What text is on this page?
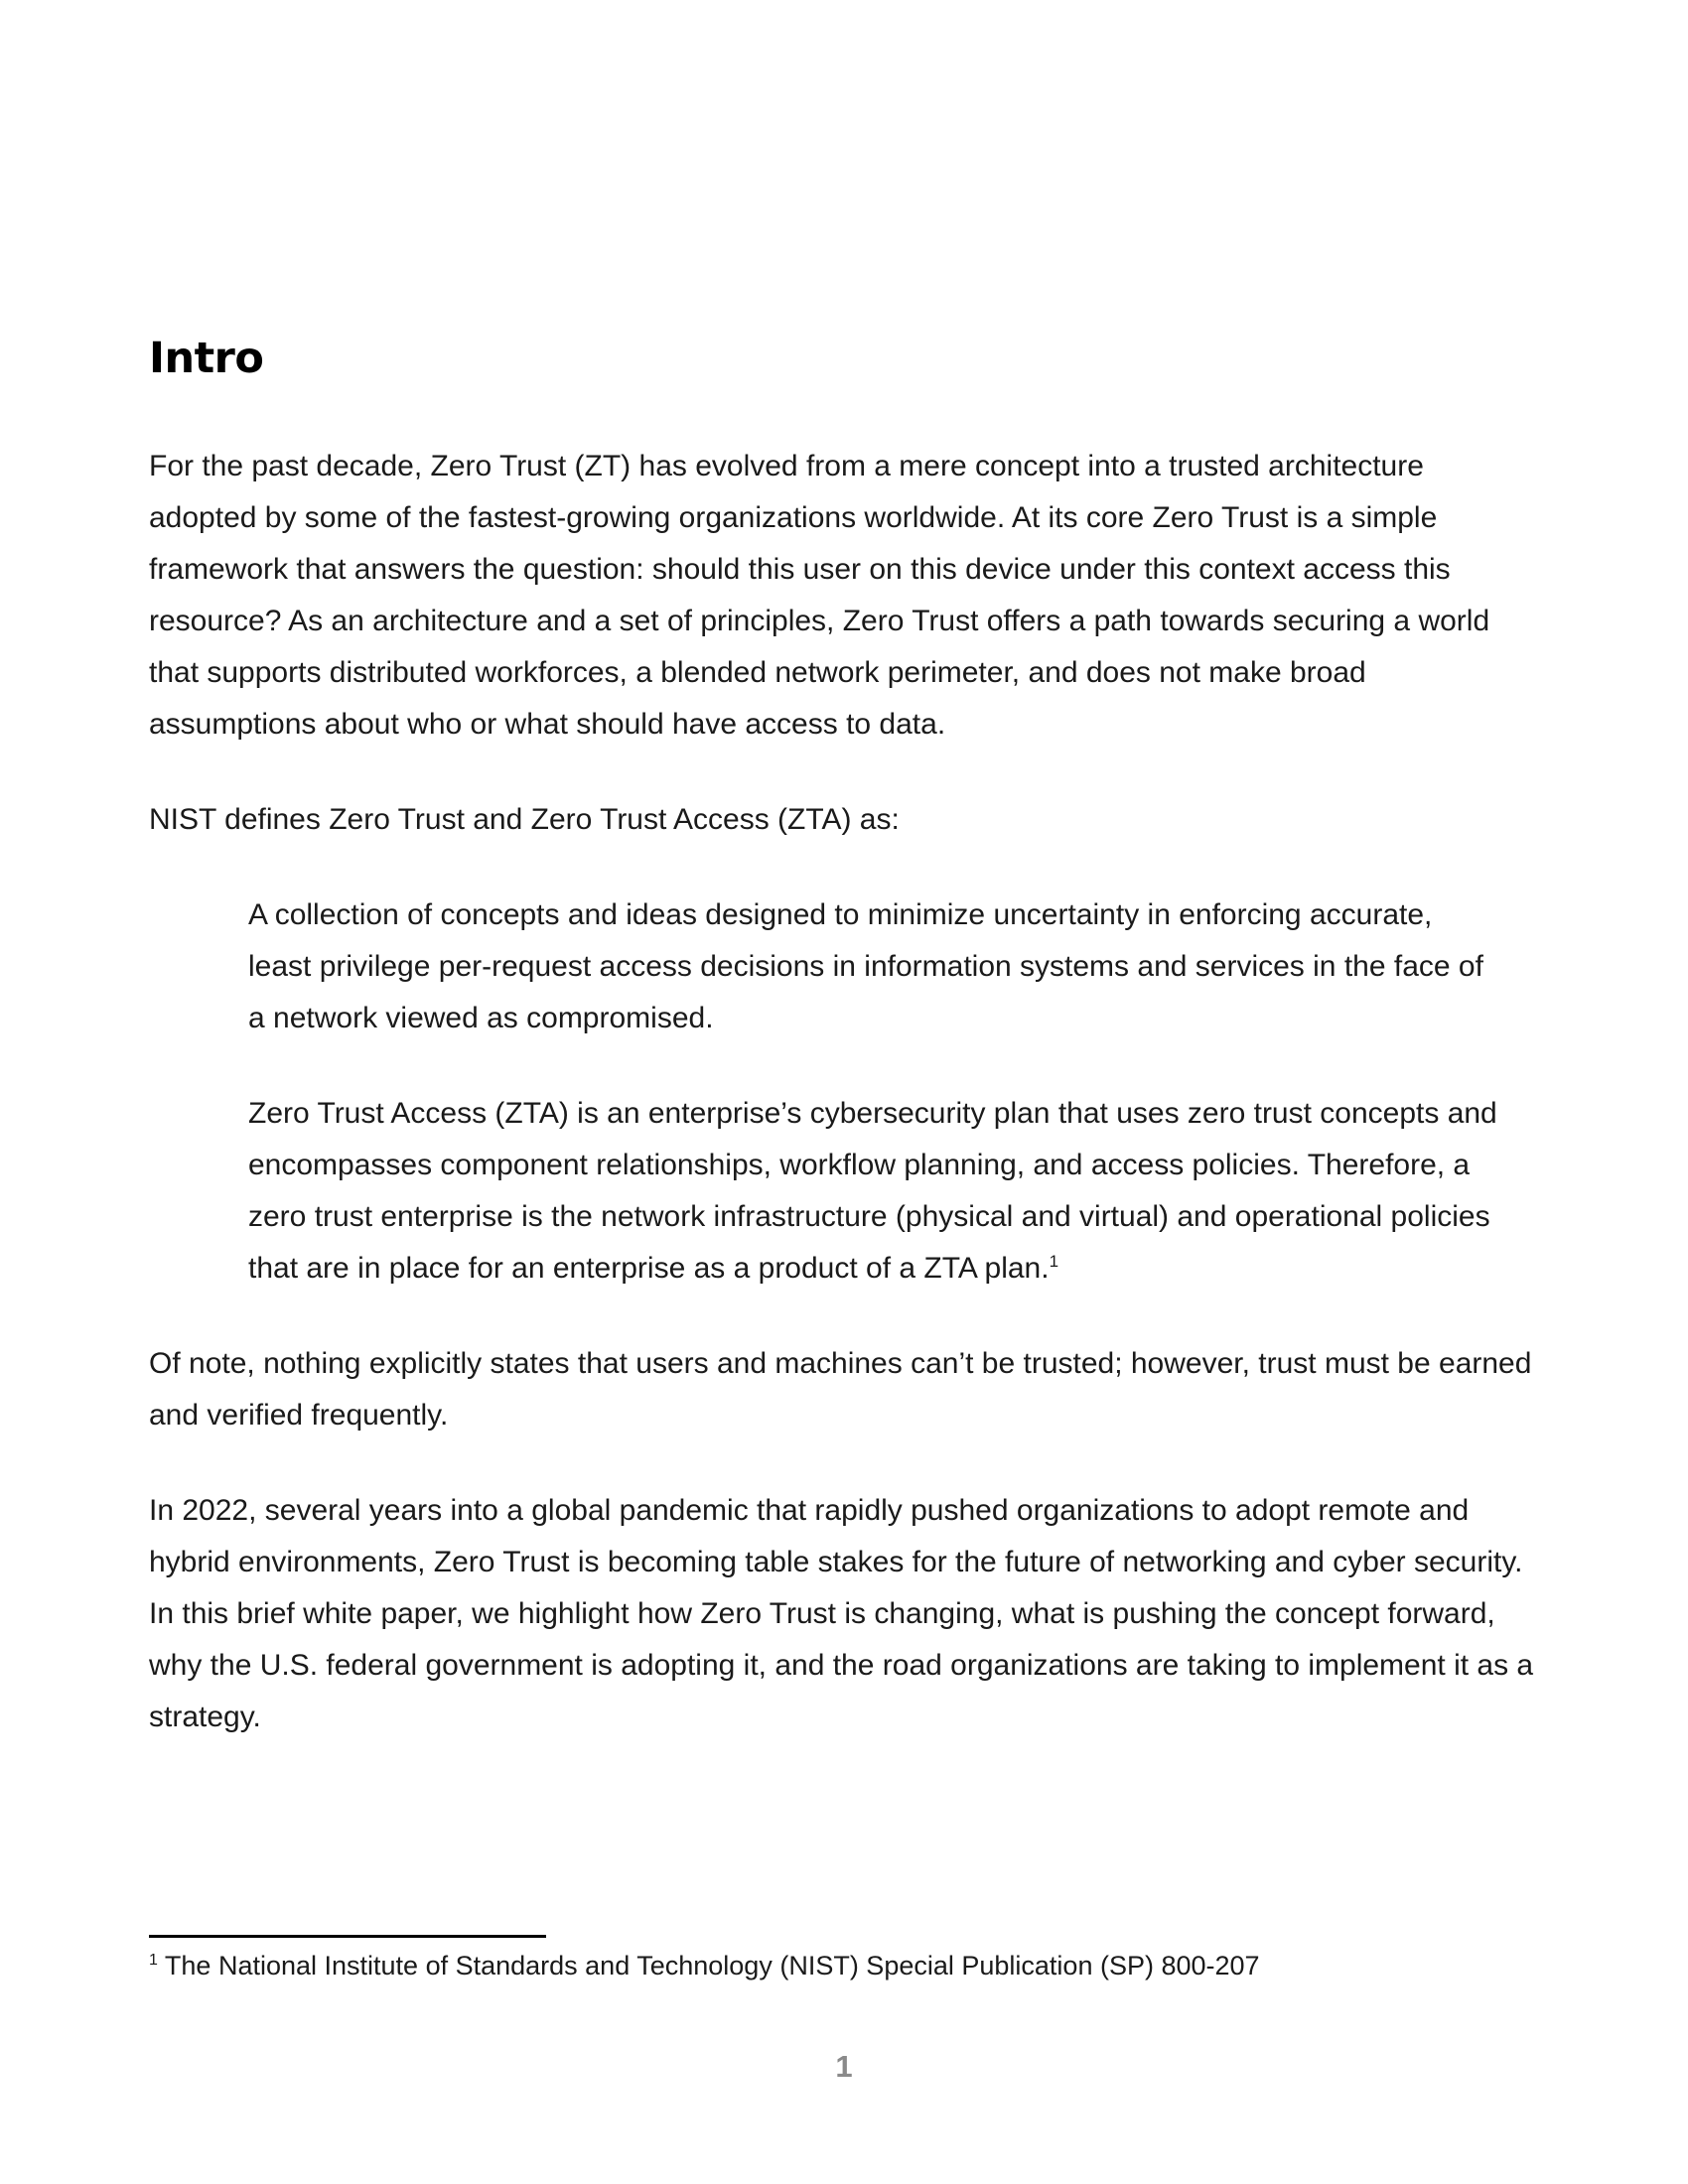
Intro

For the past decade, Zero Trust (ZT) has evolved from a mere concept into a trusted architecture adopted by some of the fastest-growing organizations worldwide. At its core Zero Trust is a simple framework that answers the question: should this user on this device under this context access this resource? As an architecture and a set of principles, Zero Trust offers a path towards securing a world that supports distributed workforces, a blended network perimeter, and does not make broad assumptions about who or what should have access to data.

NIST defines Zero Trust and Zero Trust Access (ZTA) as:

A collection of concepts and ideas designed to minimize uncertainty in enforcing accurate, least privilege per-request access decisions in information systems and services in the face of a network viewed as compromised.

Zero Trust Access (ZTA) is an enterprise’s cybersecurity plan that uses zero trust concepts and encompasses component relationships, workflow planning, and access policies. Therefore, a zero trust enterprise is the network infrastructure (physical and virtual) and operational policies that are in place for an enterprise as a product of a ZTA plan.$^1$

Of note, nothing explicitly states that users and machines can’t be trusted; however, trust must be earned and verified frequently.

In 2022, several years into a global pandemic that rapidly pushed organizations to adopt remote and hybrid environments, Zero Trust is becoming table stakes for the future of networking and cyber security. In this brief white paper, we highlight how Zero Trust is changing, what is pushing the concept forward, why the U.S. federal government is adopting it, and the road organizations are taking to implement it as a strategy.

$^1$ The National Institute of Standards and Technology (NIST) Special Publication (SP) 800-207
1
